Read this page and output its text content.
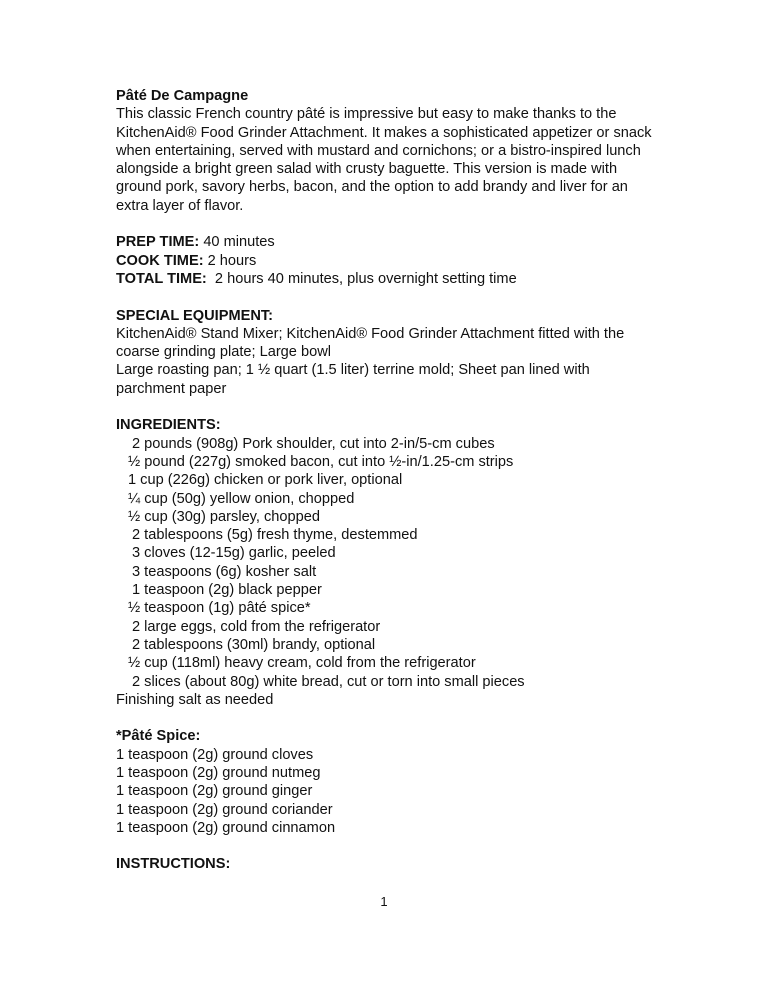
Pâté De Campagne
This classic French country pâté is impressive but easy to make thanks to the KitchenAid® Food Grinder Attachment. It makes a sophisticated appetizer or snack when entertaining, served with mustard and cornichons; or a bistro-inspired lunch alongside a bright green salad with crusty baguette. This version is made with ground pork, savory herbs, bacon, and the option to add brandy and liver for an extra layer of flavor.
PREP TIME: 40 minutes
COOK TIME: 2 hours
TOTAL TIME:  2 hours 40 minutes, plus overnight setting time
SPECIAL EQUIPMENT:
KitchenAid® Stand Mixer; KitchenAid® Food Grinder Attachment fitted with the coarse grinding plate; Large bowl
Large roasting pan; 1 ½ quart (1.5 liter) terrine mold; Sheet pan lined with parchment paper
INGREDIENTS:
2 pounds (908g) Pork shoulder, cut into 2-in/5-cm cubes
½ pound (227g) smoked bacon, cut into ½-in/1.25-cm strips
1 cup (226g) chicken or pork liver, optional
¼ cup (50g) yellow onion, chopped
½ cup (30g) parsley, chopped
2 tablespoons (5g) fresh thyme, destemmed
3 cloves (12-15g) garlic, peeled
3 teaspoons (6g) kosher salt
1 teaspoon (2g) black pepper
½ teaspoon (1g) pâté spice*
2 large eggs, cold from the refrigerator
2 tablespoons (30ml) brandy, optional
½ cup (118ml) heavy cream, cold from the refrigerator
2 slices (about 80g) white bread, cut or torn into small pieces
Finishing salt as needed
*Pâté Spice:
1 teaspoon (2g) ground cloves
1 teaspoon (2g) ground nutmeg
1 teaspoon (2g) ground ginger
1 teaspoon (2g) ground coriander
1 teaspoon (2g) ground cinnamon
INSTRUCTIONS:
1
